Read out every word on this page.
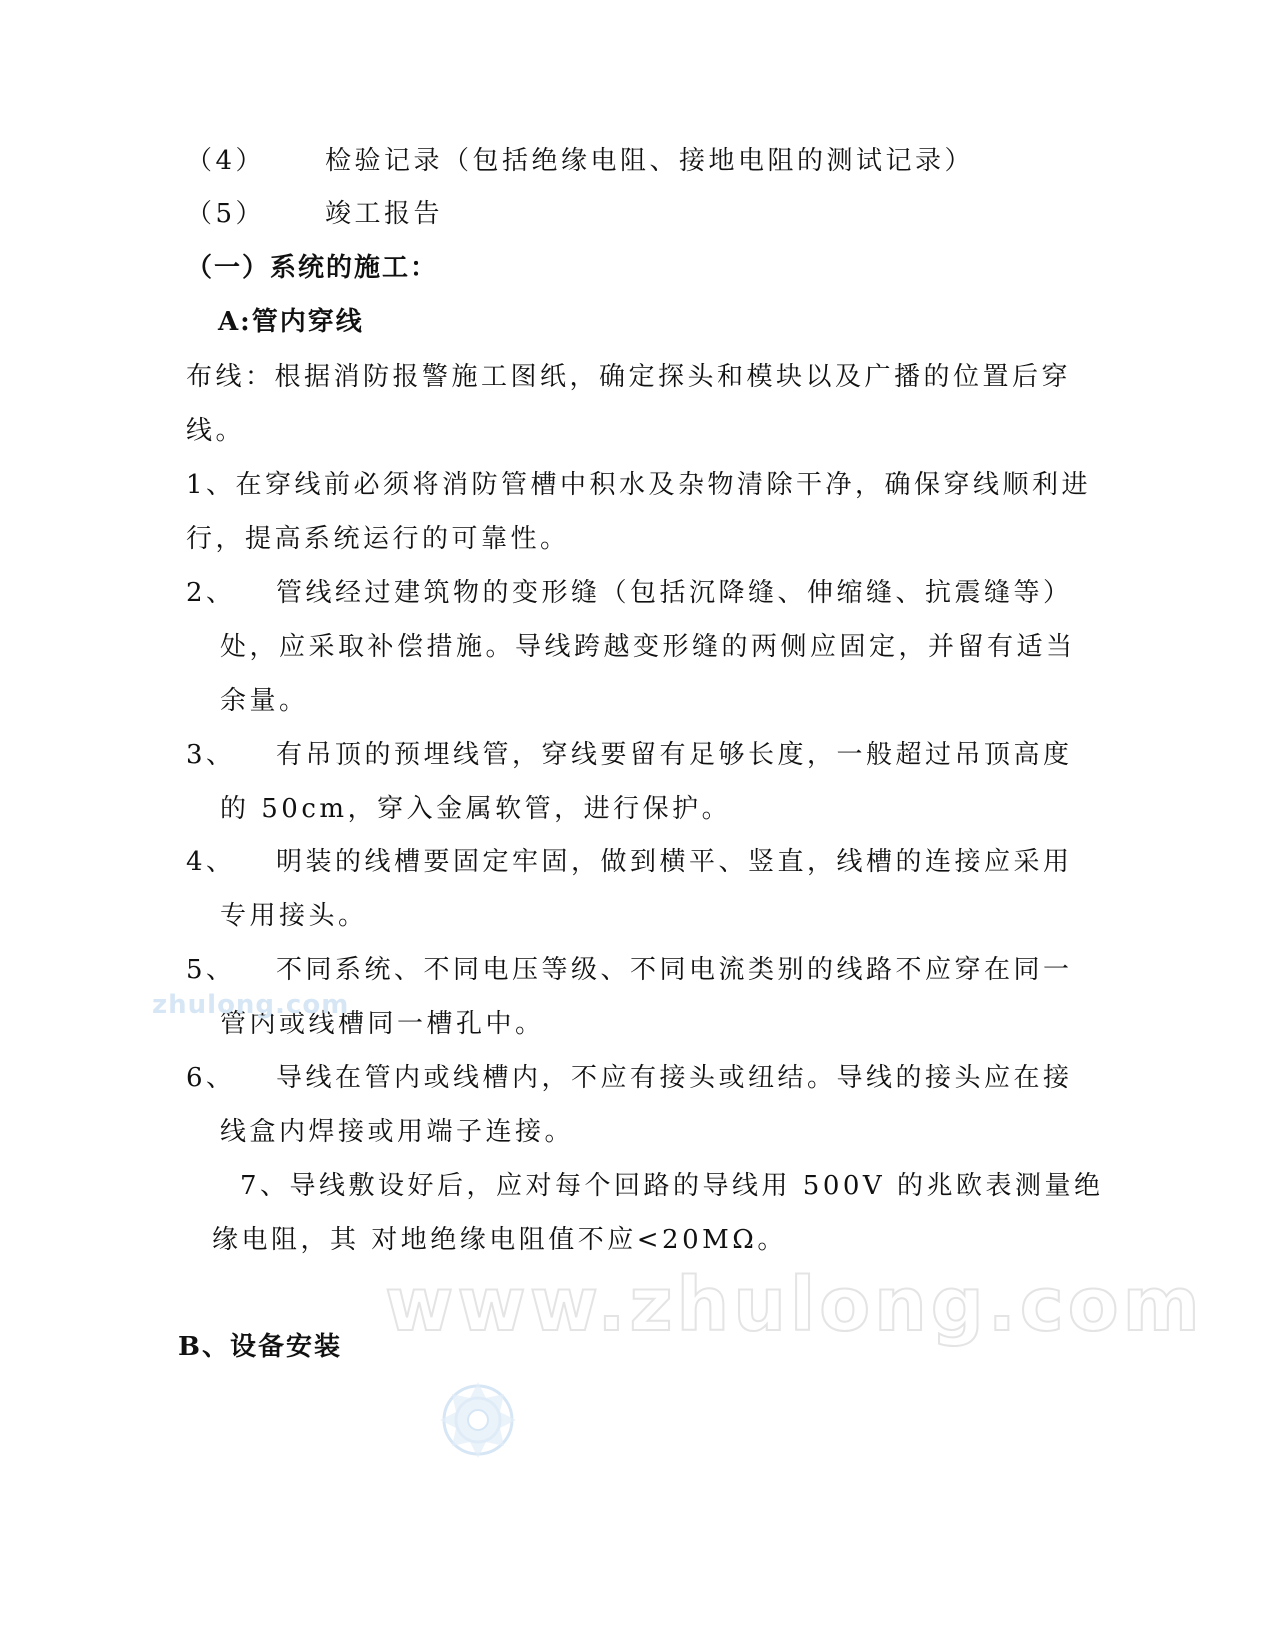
（4） 检验记录（包括绝缘电阻、接地电阻的测试记录）
（5） 竣工报告
（一）系统的施工：
A:管内穿线
布线：根据消防报警施工图纸，确定探头和模块以及广播的位置后穿
线。
1、在穿线前必须将消防管槽中积水及杂物清除干净，确保穿线顺利进
行，提高系统运行的可靠性。
2、 管线经过建筑物的变形缝（包括沉降缝、伸缩缝、抗震缝等）
处，应采取补偿措施。导线跨越变形缝的两侧应固定，并留有适当
余量。
3、 有吊顶的预埋线管，穿线要留有足够长度，一般超过吊顶高度
的 50cm，穿入金属软管，进行保护。
4、 明装的线槽要固定牢固，做到横平、竖直，线槽的连接应采用
专用接头。
5、 不同系统、不同电压等级、不同电流类别的线路不应穿在同一
管内或线槽同一槽孔中。
6、 导线在管内或线槽内，不应有接头或纽结。导线的接头应在接
线盒内焊接或用端子连接。
7、导线敷设好后，应对每个回路的导线用 500V 的兆欧表测量绝
缘电阻，其 对地绝缘电阻值不应<20MΩ。
B、设备安装
zhulong.com
www.zhulong.com
